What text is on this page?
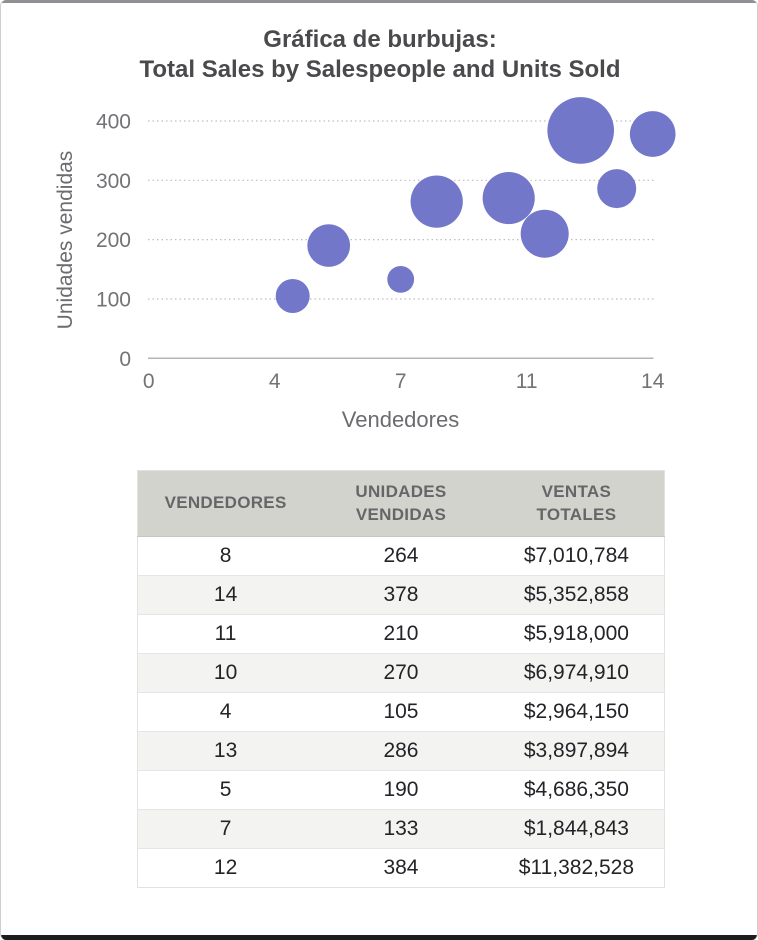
Gráfica de burbujas:
Total Sales by Salespeople and Units Sold
0
100
200
300
400
0	4	7	11	14
Unidades vendidas
Vendedores
VENDEDORES	UNIDADES VENDIDAS	VENTAS TOTALES
8	264	$7,010,784
14	378	$5,352,858
11	210	$5,918,000
10	270	$6,974,910
4	105	$2,964,150
13	286	$3,897,894
5	190	$4,686,350
7	133	$1,844,843
12	384	$11,382,528
